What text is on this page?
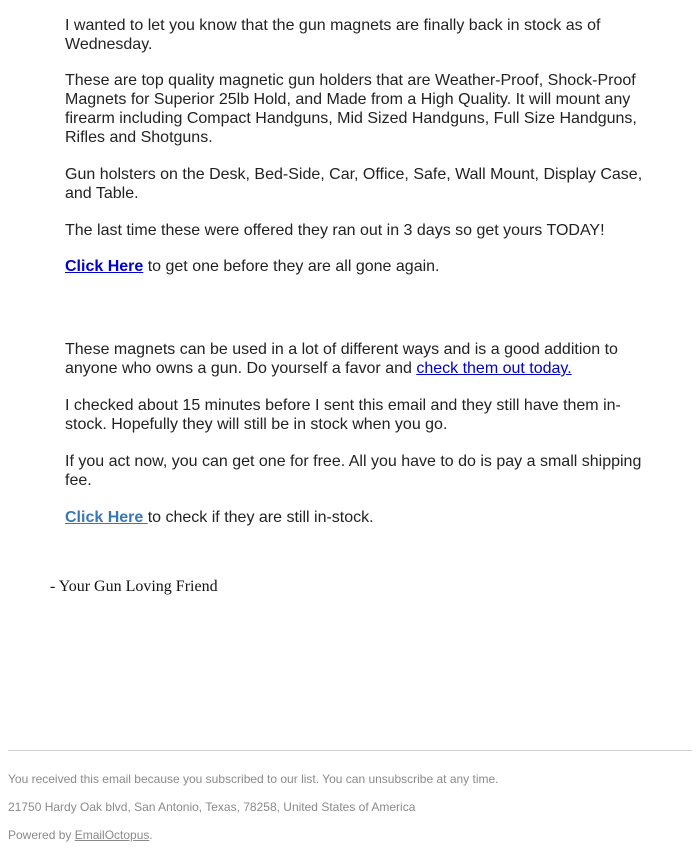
I wanted to let you know that the gun magnets are finally back in stock as of Wednesday.

These are top quality magnetic gun holders that are Weather-Proof, Shock-Proof Magnets for Superior 25lb Hold, and Made from a High Quality. It will mount any firearm including Compact Handguns, Mid Sized Handguns, Full Size Handguns, Rifles and Shotguns.

Gun holsters on the Desk, Bed-Side, Car, Office, Safe, Wall Mount, Display Case, and Table.

The last time these were offered they ran out in 3 days so get yours TODAY!

Click Here to get one before they are all gone again.

These magnets can be used in a lot of different ways and is a good addition to anyone who owns a gun. Do yourself a favor and check them out today.

I checked about 15 minutes before I sent this email and they still have them in-stock. Hopefully they will still be in stock when you go.

If you act now, you can get one for free. All you have to do is pay a small shipping fee.

Click Here to check if they are still in-stock.

- Your Gun Loving Friend
You received this email because you subscribed to our list. You can unsubscribe at any time.
21750 Hardy Oak blvd, San Antonio, Texas, 78258, United States of America
Powered by EmailOctopus.
